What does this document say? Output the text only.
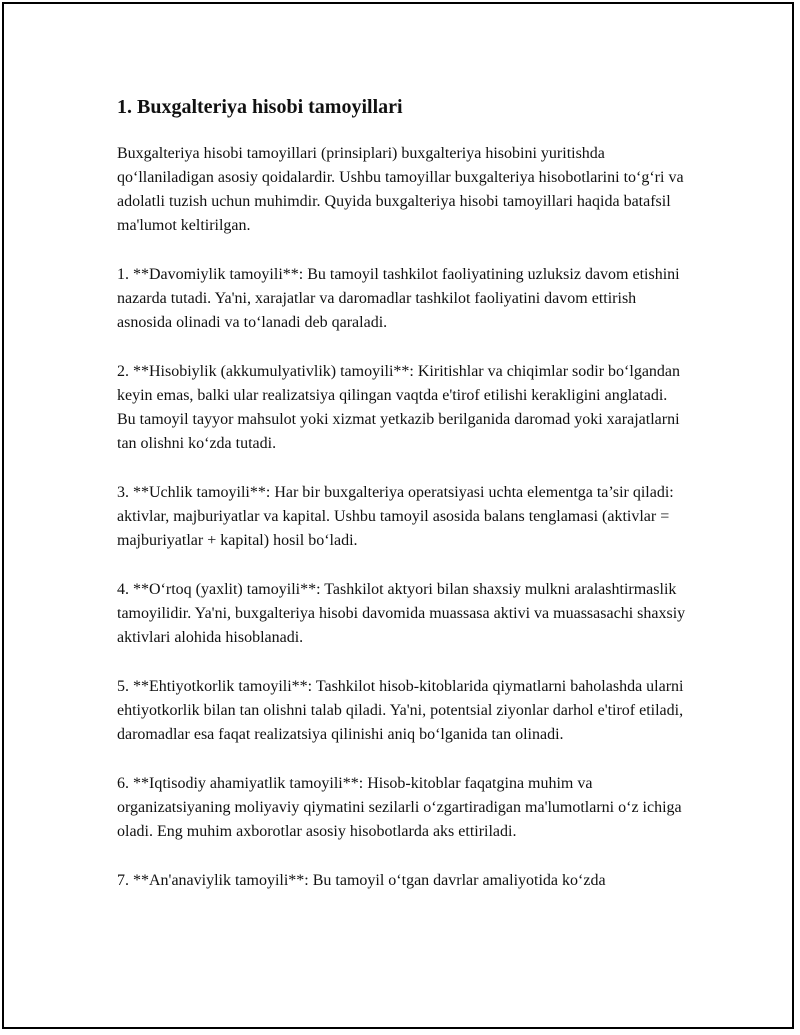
1. Buxgalteriya hisobi tamoyillari

Buxgalteriya hisobi tamoyillari (prinsiplari) buxgalteriya hisobini yuritishda qo‘llaniladigan asosiy qoidalardir. Ushbu tamoyillar buxgalteriya hisobotlarini to‘g‘ri va adolatli tuzish uchun muhimdir. Quyida buxgalteriya hisobi tamoyillari haqida batafsil ma'lumot keltirilgan.

1. **Davomiylik tamoyili**: Bu tamoyil tashkilot faoliyatining uzluksiz davom etishini nazarda tutadi. Ya'ni, xarajatlar va daromadlar tashkilot faoliyatini davom ettirish asnosida olinadi va to‘lanadi deb qaraladi.

2. **Hisobiylik (akkumulyativlik) tamoyili**: Kiritishlar va chiqimlar sodir bo‘lgandan keyin emas, balki ular realizatsiya qilingan vaqtda e'tirof etilishi kerakligini anglatadi. Bu tamoyil tayyor mahsulot yoki xizmat yetkazib berilganida daromad yoki xarajatlarni tan olishni ko‘zda tutadi.

3. **Uchlik tamoyili**: Har bir buxgalteriya operatsiyasi uchta elementga ta’sir qiladi: aktivlar, majburiyatlar va kapital. Ushbu tamoyil asosida balans tenglamasi (aktivlar = majburiyatlar + kapital) hosil bo‘ladi.

4. **O‘rtoq (yaxlit) tamoyili**: Tashkilot aktyori bilan shaxsiy mulkni aralashtirmaslik tamoyilidir. Ya'ni, buxgalteriya hisobi davomida muassasa aktivi va muassasachi shaxsiy aktivlari alohida hisoblanadi.

5. **Ehtiyotkorlik tamoyili**: Tashkilot hisob-kitoblarida qiymatlarni baholashda ularni ehtiyotkorlik bilan tan olishni talab qiladi. Ya'ni, potentsial ziyonlar darhol e'tirof etiladi, daromadlar esa faqat realizatsiya qilinishi aniq bo‘lganida tan olinadi.

6. **Iqtisodiy ahamiyatlik tamoyili**: Hisob-kitoblar faqatgina muhim va organizatsiyaning moliyaviy qiymatini sezilarli o‘zgartiradigan ma'lumotlarni o‘z ichiga oladi. Eng muhim axborotlar asosiy hisobotlarda aks ettiriladi.

7. **An'anaviylik tamoyili**: Bu tamoyil o‘tgan davrlar amaliyotida ko‘zda
